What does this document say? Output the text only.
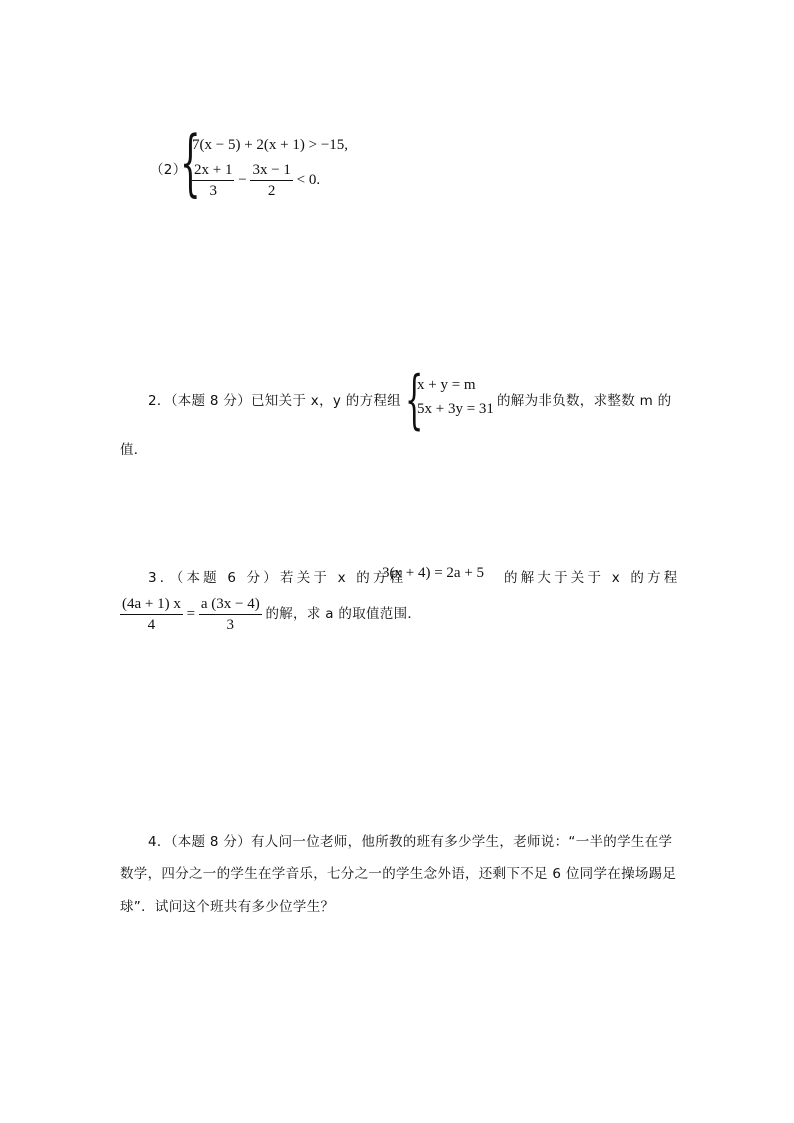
（2）
{
7(x − 5) + 2(x + 1) > −15,
$\frac{2x + 1}{3} - \frac{3x - 1}{2} < 0$.
2．（本题 8 分）已知关于 x，y 的方程组 {
x + y = m
5x + 3y = 31 的解为非负数，求整数 m 的
值．
3．（本题 6 分）若关于 x 的方程
3(x + 4) = 2a + 5 的解大于关于 x 的方程
$\frac{(4a + 1) x}{4} = \frac{a (3x - 4)}{3}$ 的解，求 a 的取值范围．
4．（本题 8 分）有人问一位老师，他所教的班有多少学生，老师说：“一半的学生在学
数学，四分之一的学生在学音乐，七分之一的学生念外语，还剩下不足 6 位同学在操场踢足
球”．试问这个班共有多少位学生？
